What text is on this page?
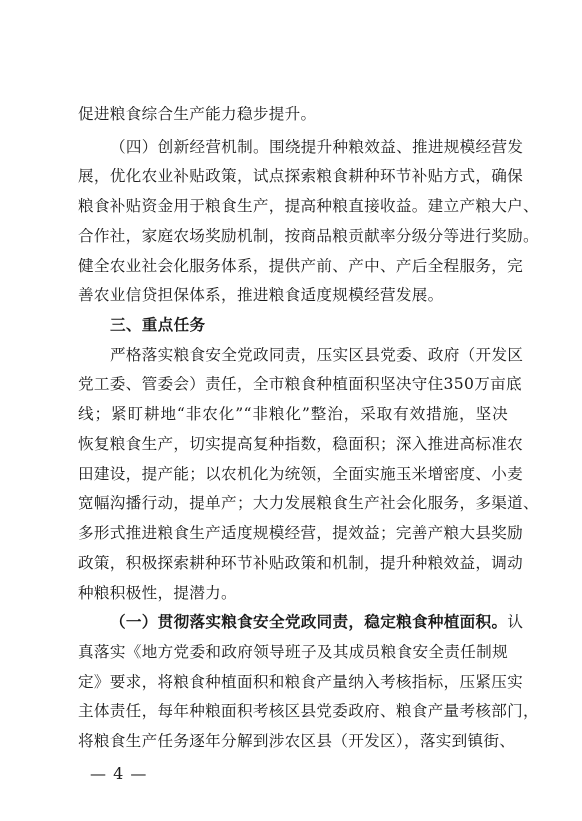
促进粮食综合生产能力稳步提升。
（四）创新经营机制。围绕提升种粮效益、推进规模经营发
展，优化农业补贴政策，试点探索粮食耕种环节补贴方式，确保
粮食补贴资金用于粮食生产，提高种粮直接收益。建立产粮大户、
合作社，家庭农场奖励机制，按商品粮贡献率分级分等进行奖励。
健全农业社会化服务体系，提供产前、产中、产后全程服务，完
善农业信贷担保体系，推进粮食适度规模经营发展。
三、重点任务
严格落实粮食安全党政同责，压实区县党委、政府（开发区
党工委、管委会）责任，全市粮食种植面积坚决守住350万亩底
线；紧盯耕地“非农化”“非粮化”整治，采取有效措施，坚决
恢复粮食生产，切实提高复种指数，稳面积；深入推进高标准农
田建设，提产能；以农机化为统领，全面实施玉米增密度、小麦
宽幅沟播行动，提单产；大力发展粮食生产社会化服务，多渠道、
多形式推进粮食生产适度规模经营，提效益；完善产粮大县奖励
政策，积极探索耕种环节补贴政策和机制，提升种粮效益，调动
种粮积极性，提潜力。
（一）贯彻落实粮食安全党政同责，稳定粮食种植面积。认
真落实《地方党委和政府领导班子及其成员粮食安全责任制规
定》要求，将粮食种植面积和粮食产量纳入考核指标，压紧压实
主体责任，每年种粮面积考核区县党委政府、粮食产量考核部门，
将粮食生产任务逐年分解到涉农区县（开发区），落实到镇街、
— 4 —
